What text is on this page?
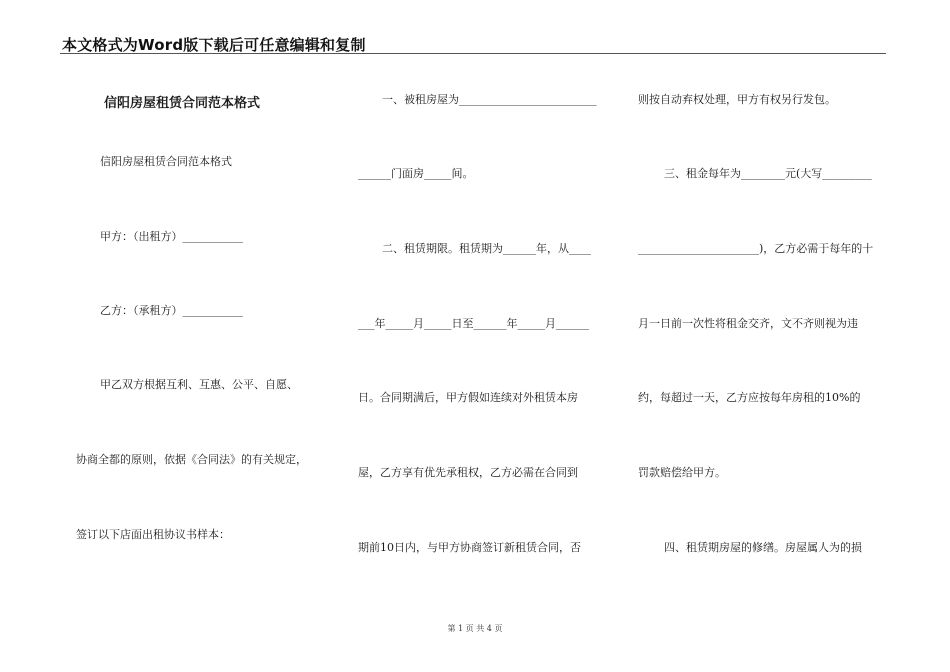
本文格式为Word版下载后可任意编辑和复制
信阳房屋租赁合同范本格式
信阳房屋租赁合同范本格式
甲方：（出租方）___________
乙方：（承租方）___________
甲乙双方根据互利、互惠、公平、自愿、
协商全都的原则，依据《合同法》的有关规定，
签订以下店面出租协议书样本：
一、被租房屋为_________________________
______门面房_____间。
二、租赁期限。租赁期为______年，从____
___年_____月_____日至______年_____月______
日。合同期满后，甲方假如连续对外租赁本房
屋，乙方享有优先承租权，乙方必需在合同到
期前10日内，与甲方协商签订新租赁合同，否
则按自动弃权处理，甲方有权另行发包。
三、租金每年为________元(大写_________
______________________)，乙方必需于每年的十
月一日前一次性将租金交齐，文不齐则视为违
约，每超过一天，乙方应按每年房租的10%的
罚款赔偿给甲方。
四、租赁期房屋的修缮。房屋属人为的损
第 1 页 共 4 页
